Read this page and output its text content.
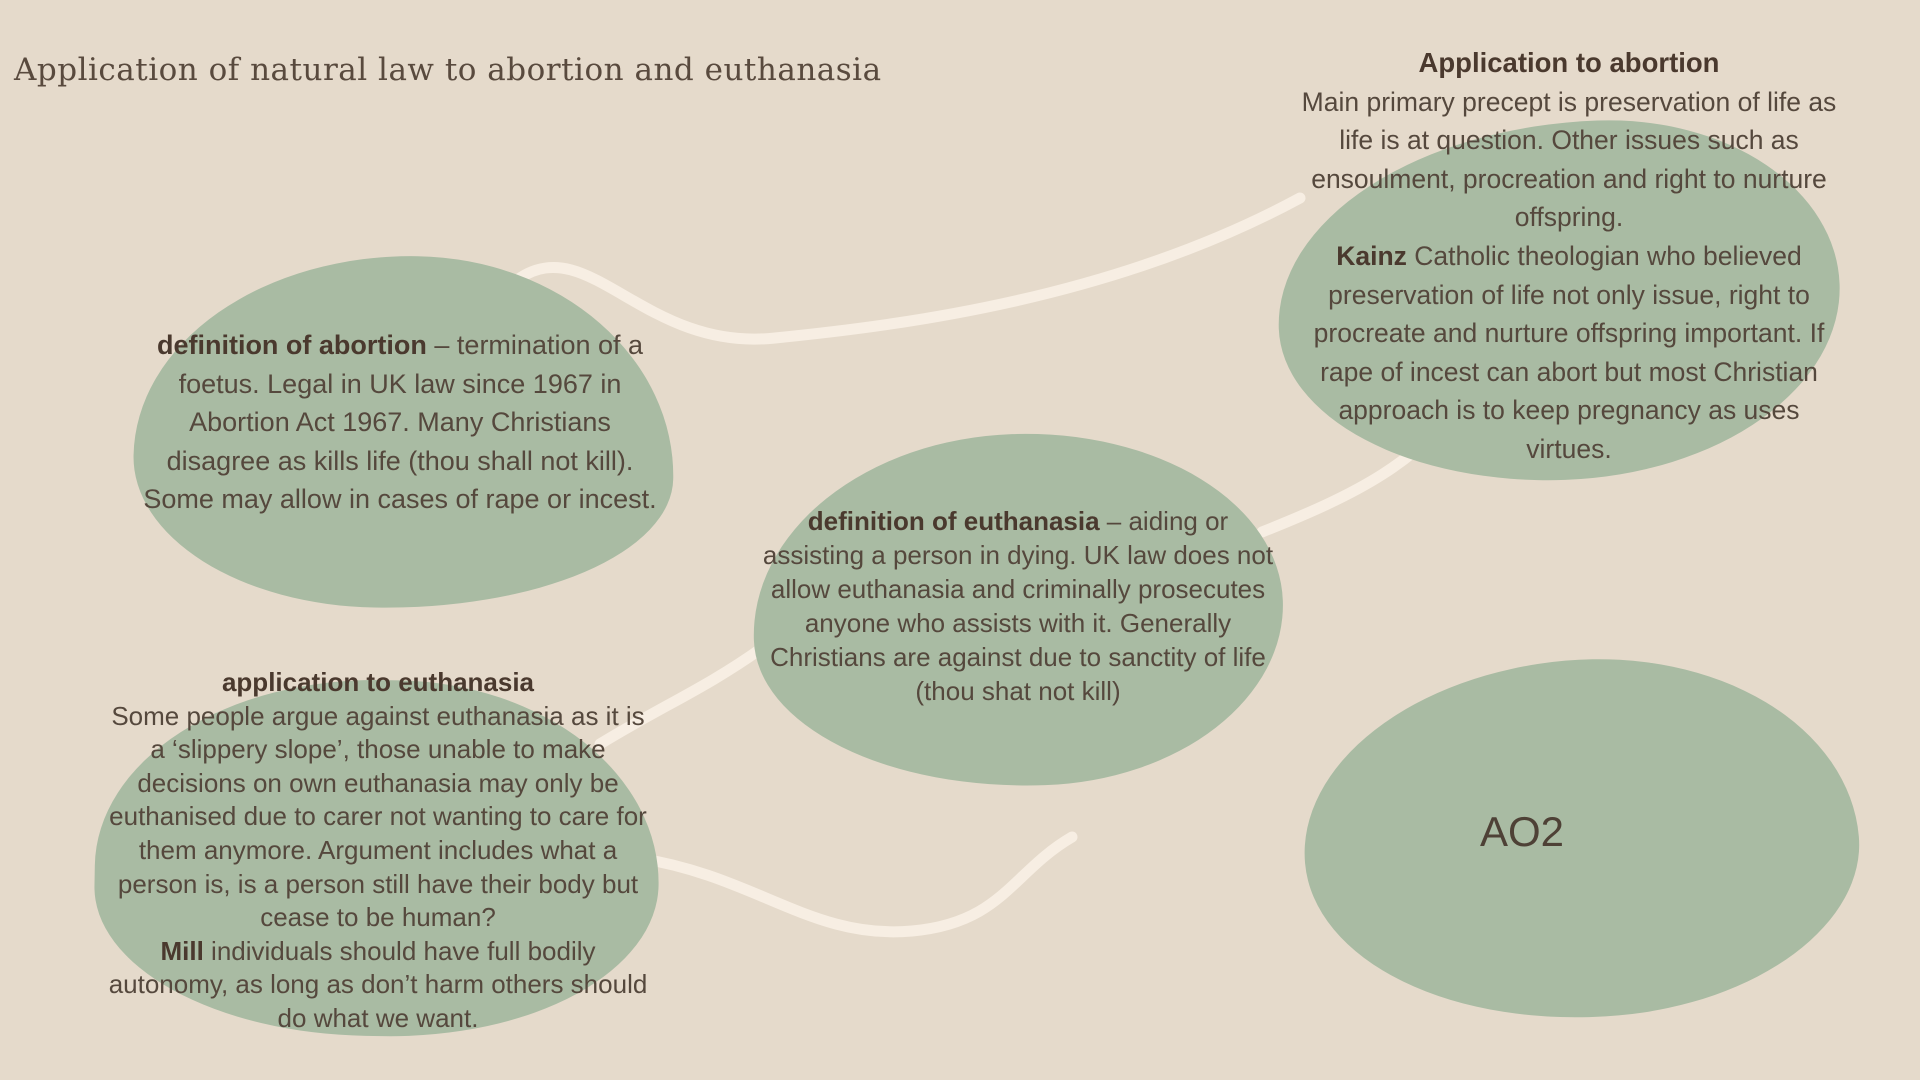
Application of natural law to abortion and euthanasia
definition of abortion – termination of a foetus. Legal in UK law since 1967 in Abortion Act 1967. Many Christians disagree as kills life (thou shall not kill). Some may allow in cases of rape or incest.
Application to abortion
Main primary precept is preservation of life as life is at question. Other issues such as ensoulment, procreation and right to nurture offspring.
Kainz Catholic theologian who believed preservation of life not only issue, right to procreate and nurture offspring important. If rape of incest can abort but most Christian approach is to keep pregnancy as uses virtues.
definition of euthanasia – aiding or assisting a person in dying. UK law does not allow euthanasia and criminally prosecutes anyone who assists with it. Generally Christians are against due to sanctity of life (thou shat not kill)
application to euthanasia
Some people argue against euthanasia as it is a ‘slippery slope’, those unable to make decisions on own euthanasia may only be euthanised due to carer not wanting to care for them anymore. Argument includes what a person is, is a person still have their body but cease to be human?
Mill individuals should have full bodily autonomy, as long as don’t harm others should do what we want.
AO2
